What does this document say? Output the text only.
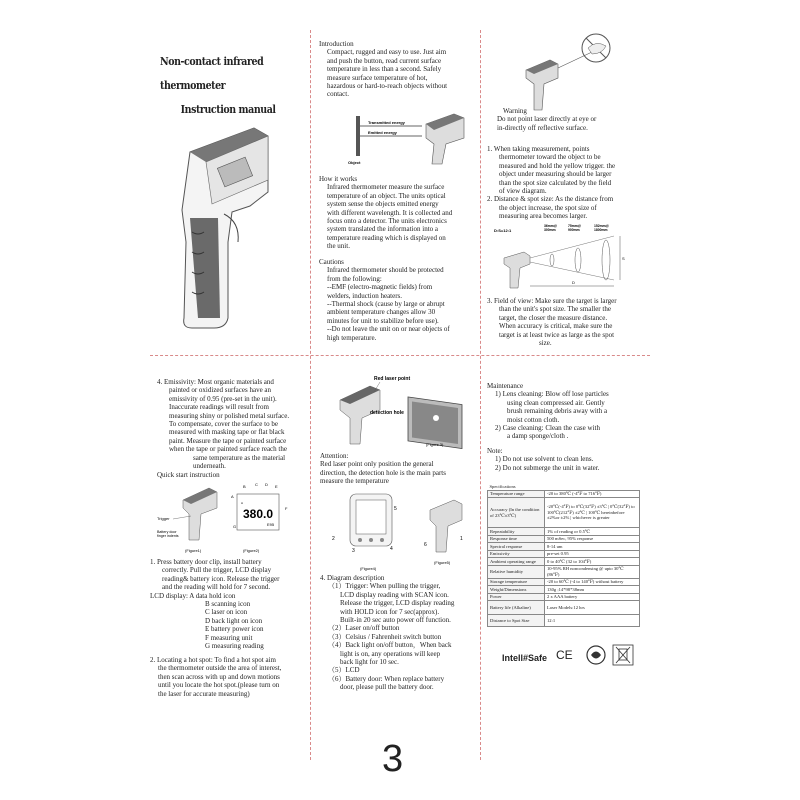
Non-contact infrared thermometer
Instruction manual

Introduction

Compact, rugged and easy to use. Just aim

and push the button, read current surface

temperature in less than a second. Safely

measure surface temperature of hot,

hazardous or hard-to-reach objects without

contact.

Transmitted energy
Emitted energy
Object

How it works

Infrared thermometer measure the surface

temperature of an object. The units optical

system sense the objects emitted energy

with different wavelength. It is collected and

focus onto a detector. The units electronics

system translated the information into a

temperature reading which is displayed on

the unit.

Cautions

Infrared thermometer should be protected

from the following:

--EMF (electro-magnetic fields) from

welders, induction heaters.

--Thermal shock (cause by large or abrupt

ambient temperature changes allow 30

minutes for unit to stabilize before use).

--Do not leave the unit on or near objects of

high temperature.

Warning

Do not point laser directly at eye or

in-directly off reflective surface.

1. When taking measurement, points

thermometer toward the object to be

measured and hold the yellow trigger. the

object under measuring should be larger

than the spot size calculated by the field

of view diagram.

2. Distance & spot size: As the distance from

the object increase, the spot size of

measuring area becomes larger.

D:S=12:1
36mm@
300mm
75mm@
900mm
152mm@
1800mm
S
D

3. Field of view: Make sure the target is larger

than the unit's spot size. The smaller the

target, the closer the measure distance.

When accuracy is critical, make sure the

target is at least twice as large as the spot

size.

4. Emissivity: Most organic materials and

painted or oxidized surfaces have an

emissivity of 0.95 (pre-set in the unit).

Inaccurate readings will result from

measuring shiny or polished metal surface.

To compensate, cover the surface to be

measured with masking tape or flat black

paint. Measure the tape or painted surface

when the tape or painted surface reach the

same temperature as the material

underneath.

Quick start instruction

Trigger
Battery door
finger indents
(Figure1)
A
380.0
E95
A
B C D E
F
G
(Figure2)

1. Press battery door clip, install battery

correctly. Pull the trigger, LCD display

reading& battery icon. Release the trigger

and the reading will hold for 7 second.

LCD display: A data hold icon

B scanning icon

C laser on icon

D back light on icon

E battery power icon

F measuring unit

G measuring reading

2. Locating a hot spot: To find a hot spot aim

the thermometer outside the area of interest,

then scan across with up and down motions

until you locate the hot spot.(please turn on

the laser for accurate measuring)

Red laser point
detection hole
(Figure 3)

Attention:

Red laser point only position the general

direction, the detection hole is the main parts

measure the temperature

5
2
3	4
(Figure4)
1
6
(Figure5)

4. Diagram description

（1）Trigger: When pulling the trigger,

LCD display reading with SCAN icon.

Release the trigger, LCD display reading

with HOLD icon for 7 sec(approx).

Built-in 20 sec auto power off function.

（2）Laser on/off button

（3）Celsius / Fahrenheit switch button

（4）Back light on/off button，When back

light is on, any operations will keep

back light for 10 sec.

（5）LCD

（6）Battery door: When replace battery

door, please pull the battery door.

Maintenance

1) Lens cleaning: Blow off lose particles

using clean compressed air. Gently

brush remaining debris away with a

moist cotton cloth.

2) Case cleaning: Clean the case with

a damp sponge/cloth .

Note:

1) Do not use solvent to clean lens.

2) Do not submerge the unit in water.

Specifications	
Temperature range	-20 to 380℃ (-4℉ to 716℉)
Accuracy (In the condition of 23℃±3℃)	-20℃(-4℉) to 0℃(32℉) ±3℃ | 0℃(32℉) to 100℃(212℉) ±2℃ | 100℃ hereinbefore ±2%or ±2% | whichever is greater
Repeatability	1% of reading or 0.5℃
Response time	500 mSec, 95% response
Spectral response	8-14 um
Emissivity	pre-set 0.95
Ambient operating range	0 to 40℃ (32 to 104℉)
Relative humidity	10-95% RH noncondensing @ upto 30℃ (86℉)
Storage temperature	-20 to 60℃ (-4 to 140℉) without battery
Weight/Dimensions	130g ;14*98*38mm
Power	2 x AAA battery
Battery life (Alkaline)	Laser Models:12 hrs
Distance to Spot Size	12:1
Intell#Safe CE
3
